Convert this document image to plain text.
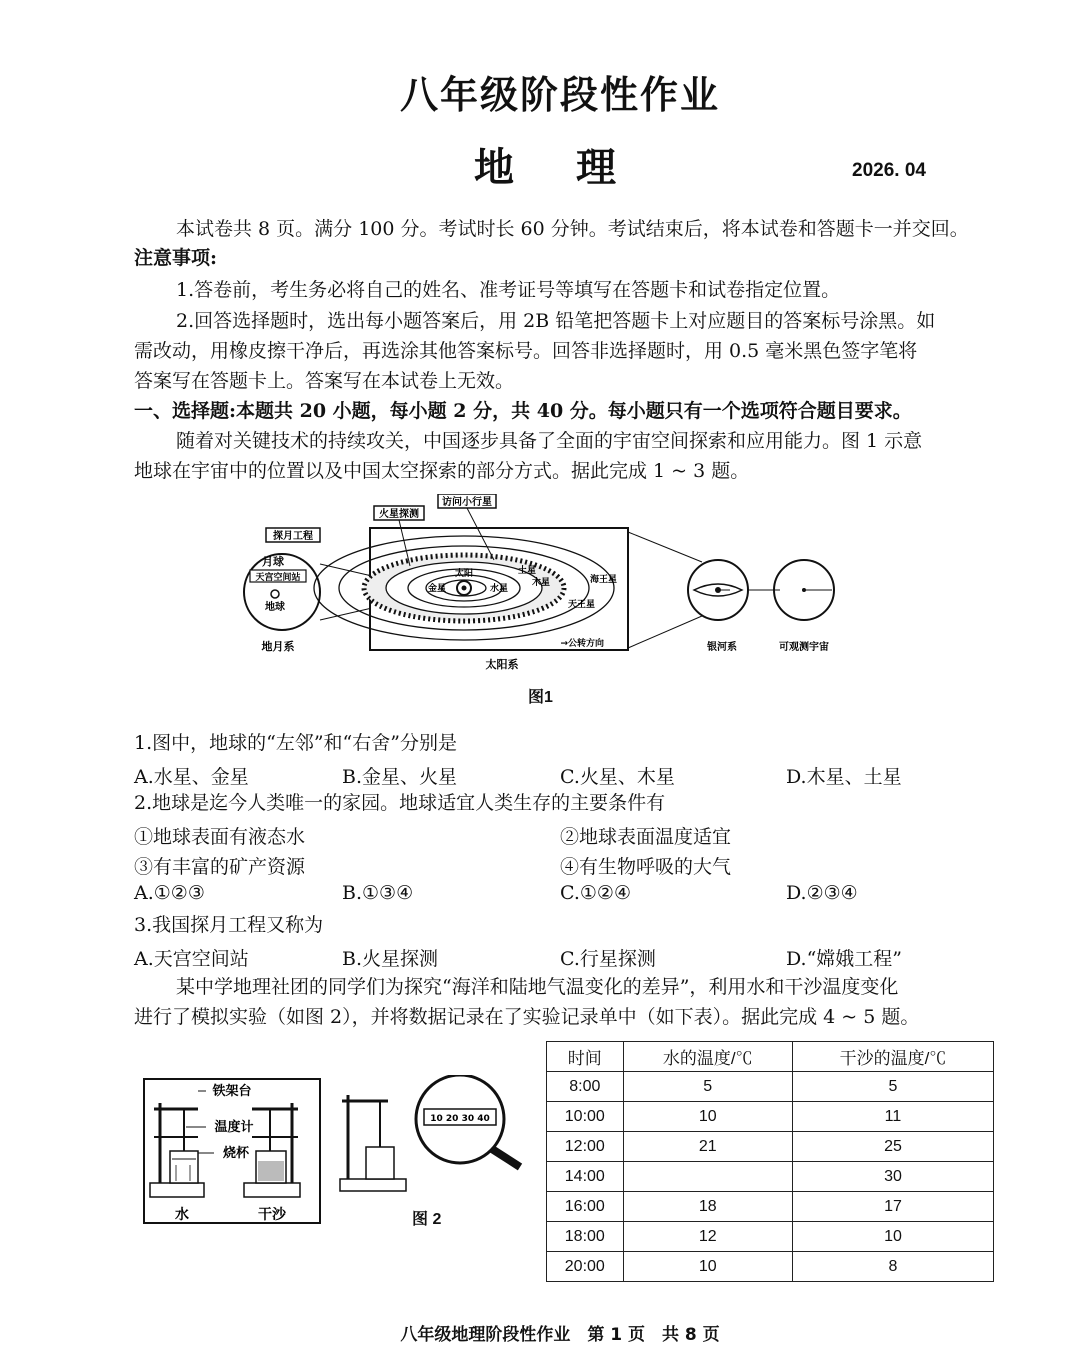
八年级阶段性作业
地 理	2026. 04
本试卷共 8 页。满分 100 分。考试时长 60 分钟。考试结束后，将本试卷和答题卡一并交回。
注意事项:
1.答卷前，考生务必将自己的姓名、准考证号等填写在答题卡和试卷指定位置。
2.回答选择题时，选出每小题答案后，用 2B 铅笔把答题卡上对应题目的答案标号涂黑。如
需改动，用橡皮擦干净后，再选涂其他答案标号。回答非选择题时，用 0.5 毫米黑色签字笔将
答案写在答题卡上。答案写在本试卷上无效。
一、选择题:本题共 20 小题，每小题 2 分，共 40 分。每小题只有一个选项符合题目要求。
随着对关键技术的持续攻关，中国逐步具备了全面的宇宙空间探索和应用能力。图 1 示意
地球在宇宙中的位置以及中国太空探索的部分方式。据此完成 1 ~ 3 题。
探月工程
月球
天宫空间站
地球
地月系
太阳
水星
金星
土星
木星	海王星
天王星
火星探测
访问小行星
→公转方向
太阳系
银河系	可观测宇宙
图1
1.图中，地球的“左邻”和“右舍”分别是
A.水星、金星	B.金星、火星	C.火星、木星	D.木星、土星
2.地球是迄今人类唯一的家园。地球适宜人类生存的主要条件有
①地球表面有液态水	②地球表面温度适宜
③有丰富的矿产资源	④有生物呼吸的大气
A.①②③	B.①③④	C.①②④	D.②③④
3.我国探月工程又称为
A.天宫空间站	B.火星探测	C.行星探测	D.“嫦娥工程”
某中学地理社团的同学们为探究“海洋和陆地气温变化的差异”，利用水和干沙温度变化
进行了模拟实验（如图 2），并将数据记录在了实验记录单中（如下表）。据此完成 4 ~ 5 题。
铁架台
温度计
烧杯
水	干沙
10 20 30 40
图 2
时间	水的温度/℃	干沙的温度/℃
8:00	5	5
10:00	10	11
12:00	21	25
14:00		30
16:00	18	17
18:00	12	10
20:00	10	8
八年级地理阶段性作业　第 1 页　共 8 页
